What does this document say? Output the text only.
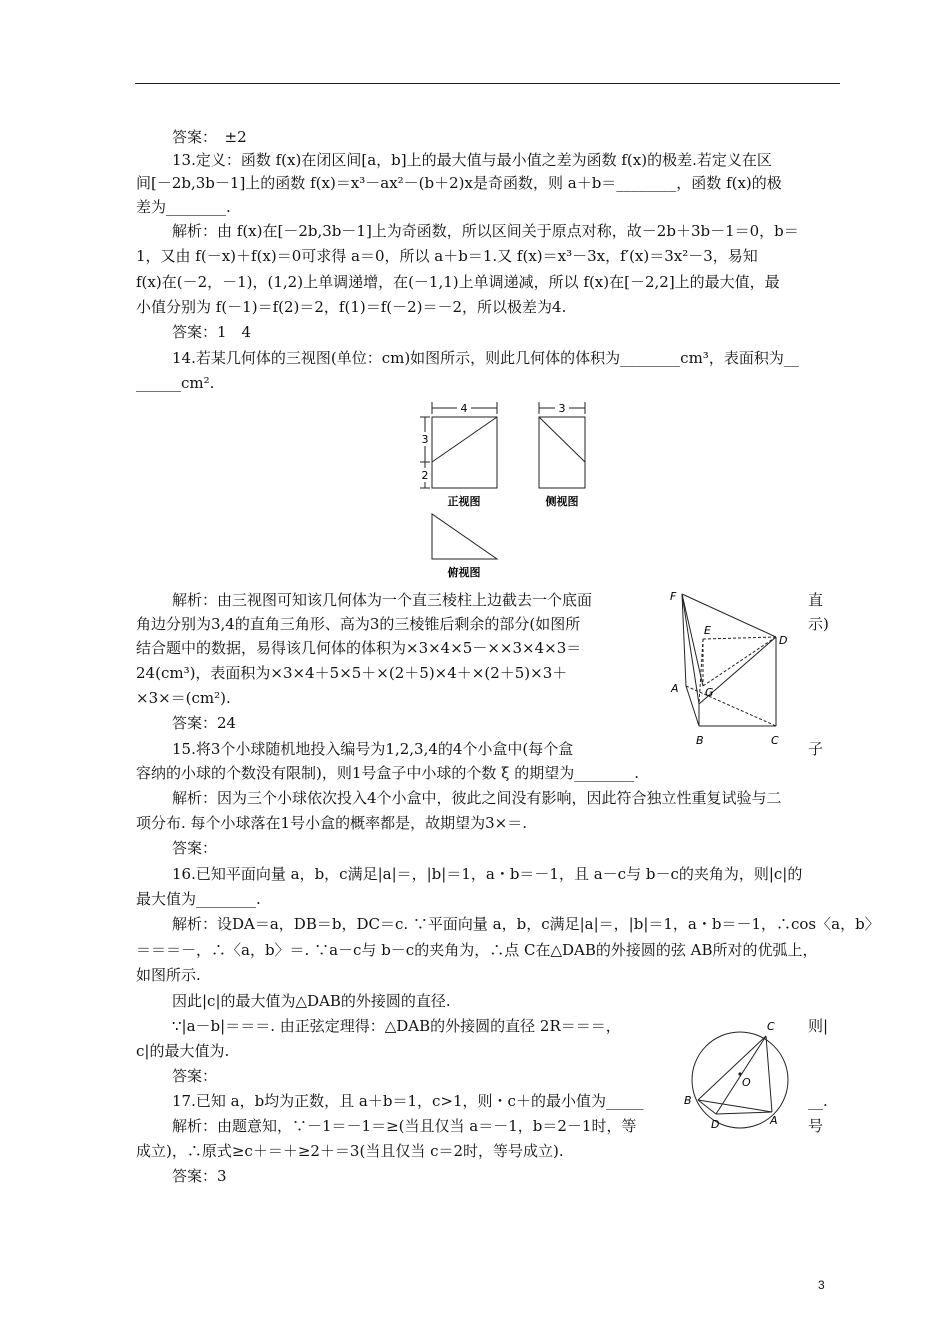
答案：　±2
13.定义：函数 f(x)在闭区间[a，b]上的最大值与最小值之差为函数 f(x)的极差.若定义在区
间[－2b,3b－1]上的函数 f(x)＝x³－ax²－(b＋2)x是奇函数，则 a＋b＝________，函数 f(x)的极
差为________.
解析：由 f(x)在[－2b,3b－1]上为奇函数，所以区间关于原点对称，故－2b＋3b－1＝0，b＝
1，又由 f(－x)＋f(x)＝0可求得 a＝0，所以 a＋b＝1.又 f(x)＝x³－3x，f′(x)＝3x²－3，易知
f(x)在(－2，－1)，(1,2)上单调递增，在(－1,1)上单调递减，所以 f(x)在[－2,2]上的最大值，最
小值分别为 f(－1)＝f(2)＝2，f(1)＝f(－2)＝－2，所以极差为4.
答案：1　4
14.若某几何体的三视图(单位：cm)如图所示，则此几何体的体积为________cm³，表面积为__
______cm².
4	3
3
2
正视图	侧视图
俯视图
解析：由三视图可知该几何体为一个直三棱柱上边截去一个底面	直
角边分别为3,4的直角三角形、高为3的三棱锥后剩余的部分(如图所	示)
结合题中的数据，易得该几何体的体积为×3×4×5－××3×4×3＝
24(cm³)，表面积为×3×4＋5×5＋×(2＋5)×4＋×(2＋5)×3＋
×3×＝(cm²).
答案：24
F
E
D
A G
B	C
15.将3个小球随机地投入编号为1,2,3,4的4个小盒中(每个盒	子
容纳的小球的个数没有限制)，则1号盒子中小球的个数 ξ 的期望为________.
解析：因为三个小球依次投入4个小盒中，彼此之间没有影响，因此符合独立性重复试验与二
项分布. 每个小球落在1号小盒的概率都是，故期望为3×＝.
答案：
16.已知平面向量 a，b，c满足|a|＝，|b|＝1，a・b＝－1，且 a－c与 b－c的夹角为，则|c|的
最大值为________.
解析：设DA＝a，DB＝b，DC＝c. ∵平面向量 a，b，c满足|a|＝，|b|＝1，a・b＝－1，∴cos〈a，b〉
＝＝＝－，∴〈a，b〉＝. ∵a－c与 b－c的夹角为，∴点 C在△DAB的外接圆的弦 AB所对的优弧上，
如图所示.
因此|c|的最大值为△DAB的外接圆的直径.
∵|a－b|＝＝＝. 由正弦定理得：△DAB的外接圆的直径 2R＝＝＝，	则|
c|的最大值为.
答案：
C
O
B
D	A
17.已知 a，b均为正数，且 a＋b＝1，c>1，则・c＋的最小值为_____	__.
解析：由题意知，∵－1＝－1＝≥(当且仅当 a＝－1，b＝2－1时，等	号
成立)，∴原式≥c＋＝＋≥2＋＝3(当且仅当 c＝2时，等号成立).
答案：3
3
